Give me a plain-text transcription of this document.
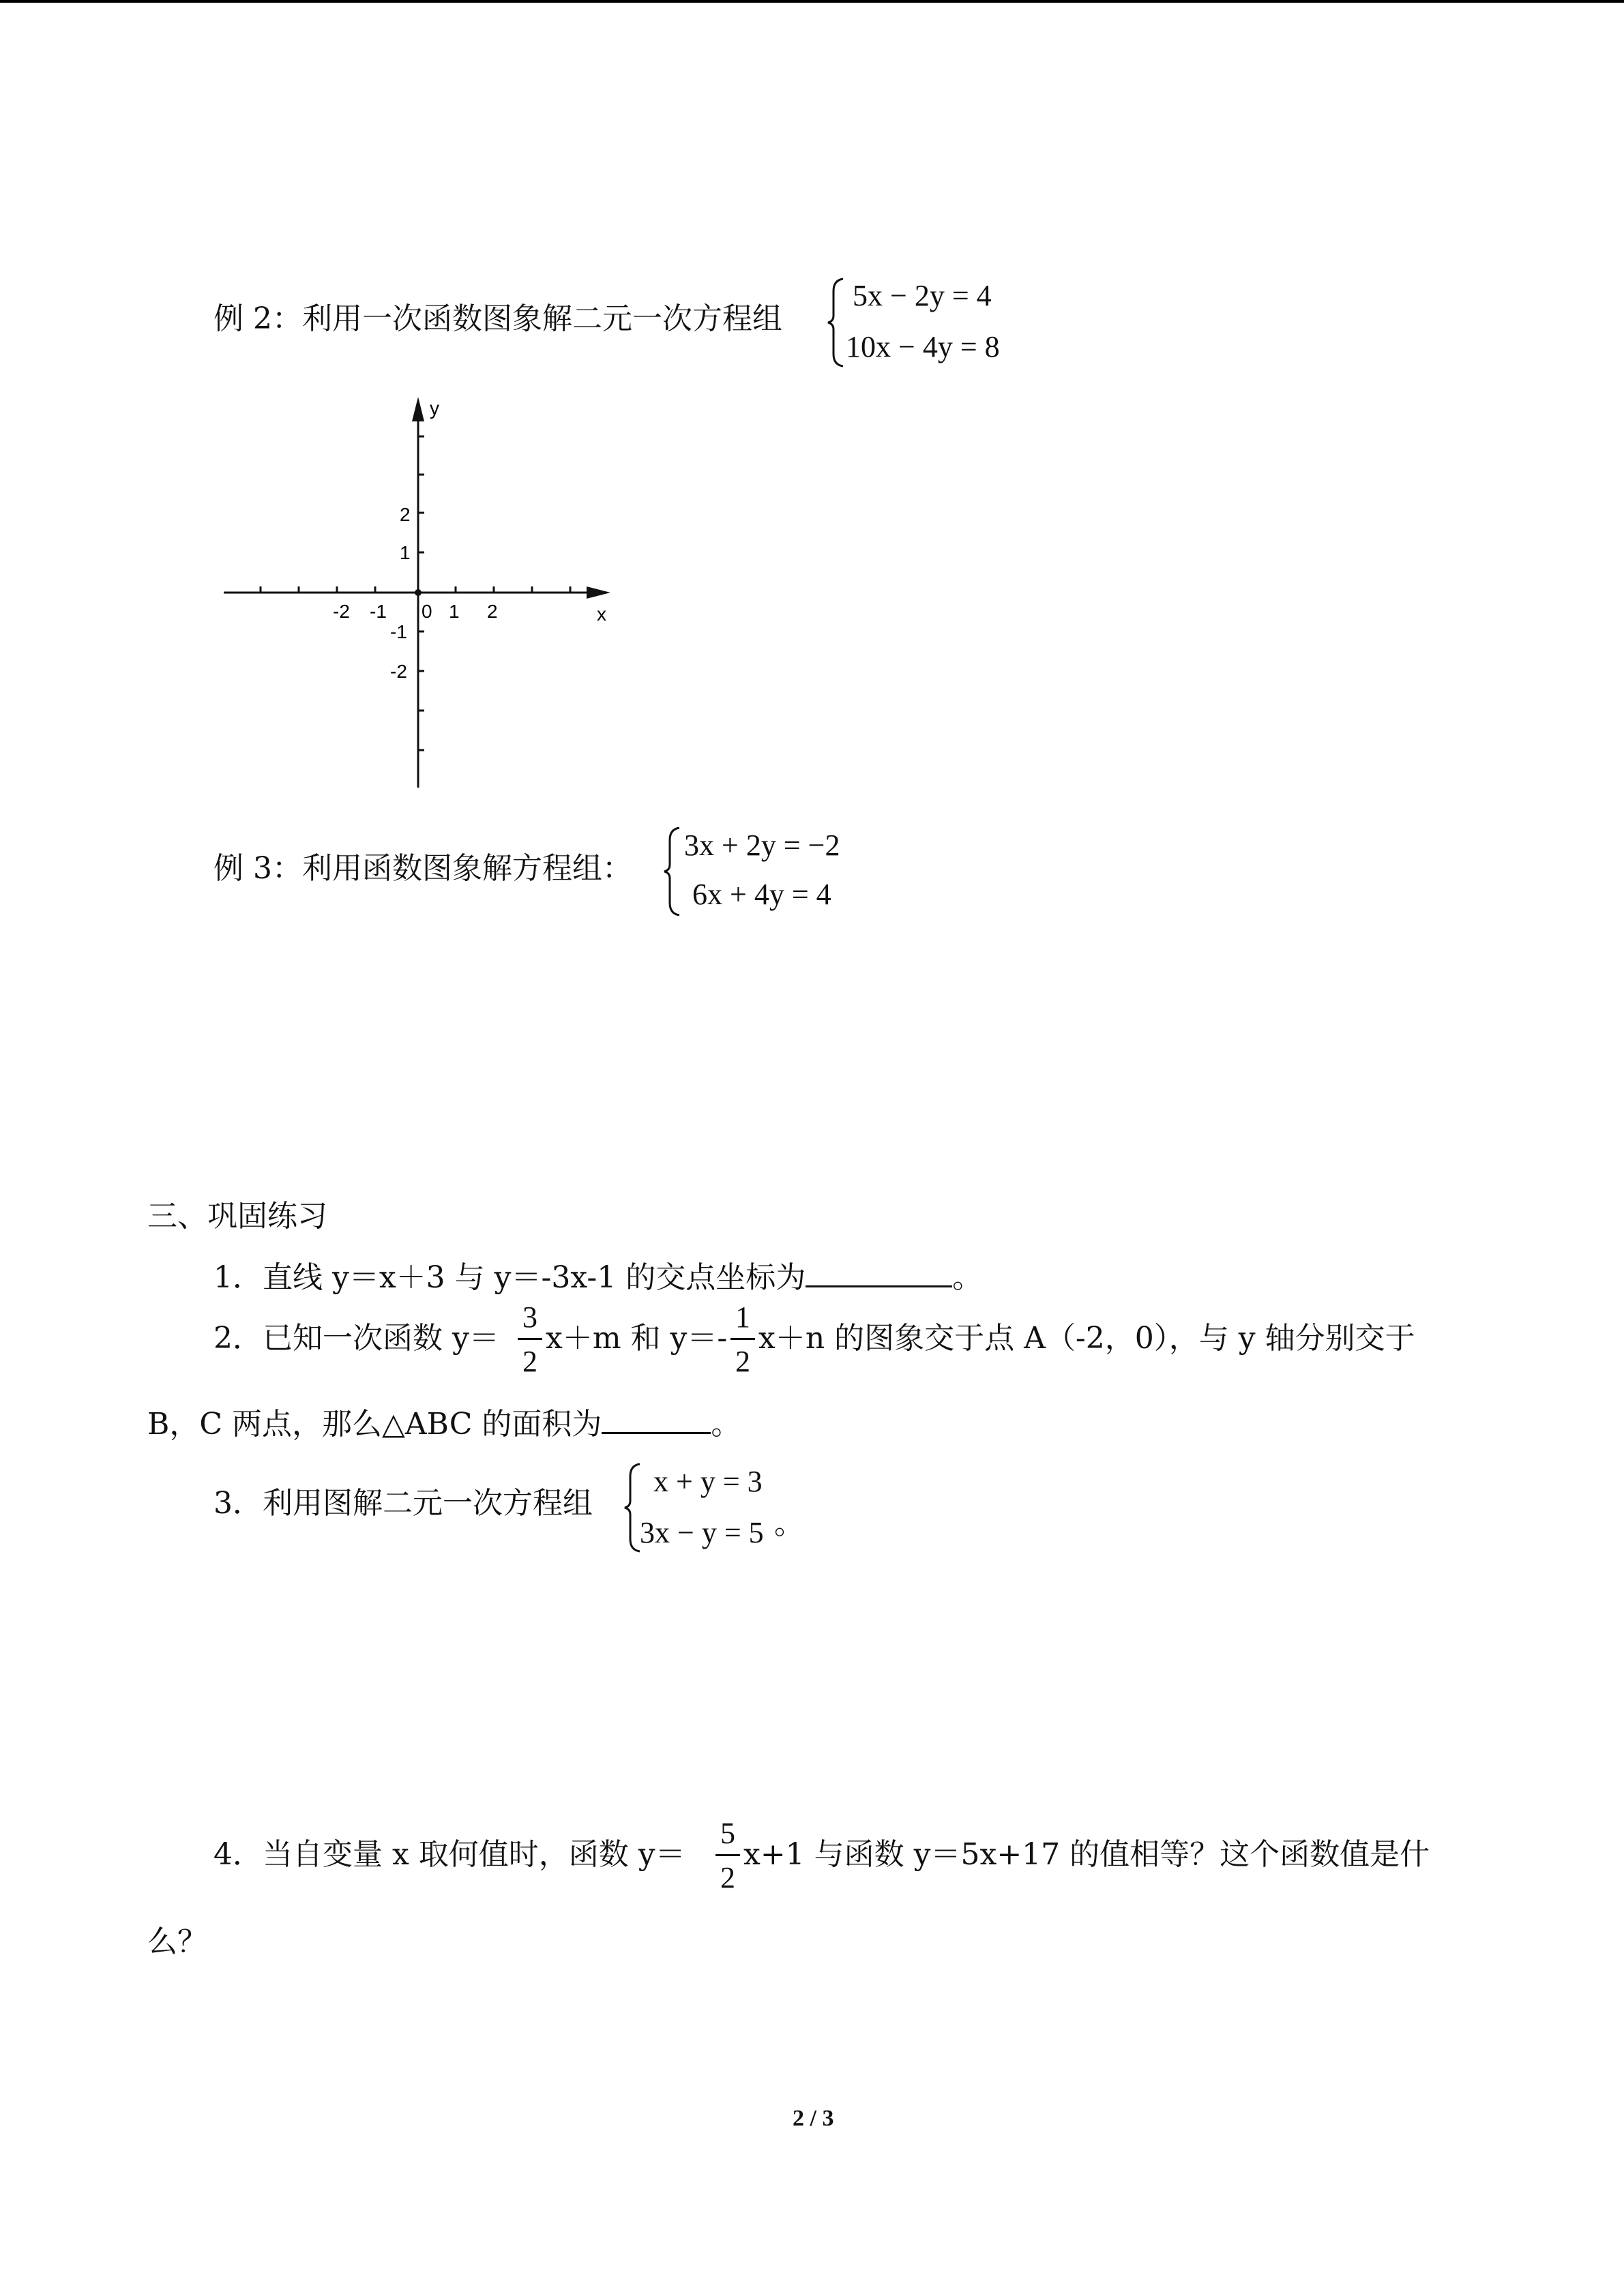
例 2：利用一次函数图象解二元一次方程组
5x − 2y = 4
10x − 4y = 8
y
x
-2 -1 0 1 2
2
1
-1
-2
例 3：利用函数图象解方程组：
3x + 2y = −2
6x + 4y = 4
三、巩固练习
1．直线 y＝x＋3 与 y＝-3x-1 的交点坐标为	。
2．已知一次函数 y＝
3
2
x＋m 和 y＝-
1
2
x＋n 的图象交于点 A（-2，0），与 y 轴分别交于
B，C 两点，那么△ABC 的面积为	。
3．利用图解二元一次方程组
x + y = 3
3x − y = 5 。
4．当自变量 x 取何值时，函数 y＝
5
2
x+1 与函数 y＝5x+17 的值相等？这个函数值是什
么？
2 / 3
